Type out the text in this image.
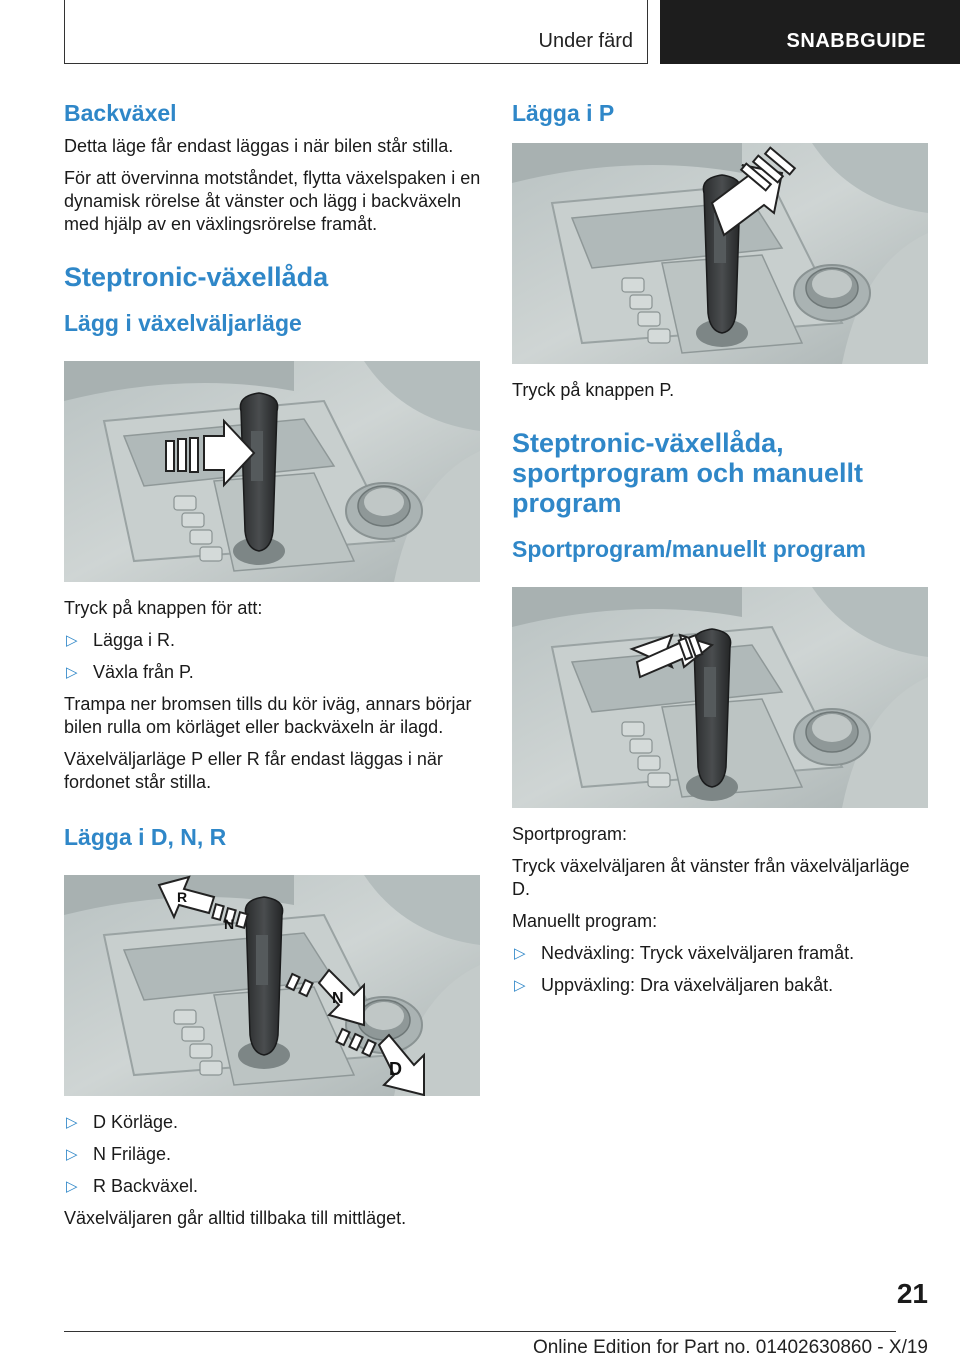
Under färd	SNABBGUIDE
Backväxel

Detta läge får endast läggas i när bilen står stilla.

För att övervinna motståndet, flytta växelspaken i en dynamisk rörelse åt vänster och lägg i backväxeln med hjälp av en växlingsrörelse framåt.

Steptronic-växellåda
Lägg i växelväljarläge

Tryck på knappen för att:

▷ Lägga i R.
▷ Växla från P.

Trampa ner bromsen tills du kör iväg, annars börjar bilen rulla om körläget eller backväxeln är ilagd.

Växelväljarläge P eller R får endast läggas i när fordonet står stilla.

Lägga i D, N, R
R
N
N
D
▷ D Körläge.
▷ N Friläge.
▷ R Backväxel.

Växelväljaren går alltid tillbaka till mittläget.

Lägga i P

Tryck på knappen P.

Steptronic-växellåda, sportprogram och manuellt program
Sportprogram/manuellt program

Sportprogram:

Tryck växelväljaren åt vänster från växelväljarläge D.

Manuellt program:

▷ Nedväxling: Tryck växelväljaren framåt.
▷ Uppväxling: Dra växelväljaren bakåt.
21
Online Edition for Part no. 01402630860 - X/19
